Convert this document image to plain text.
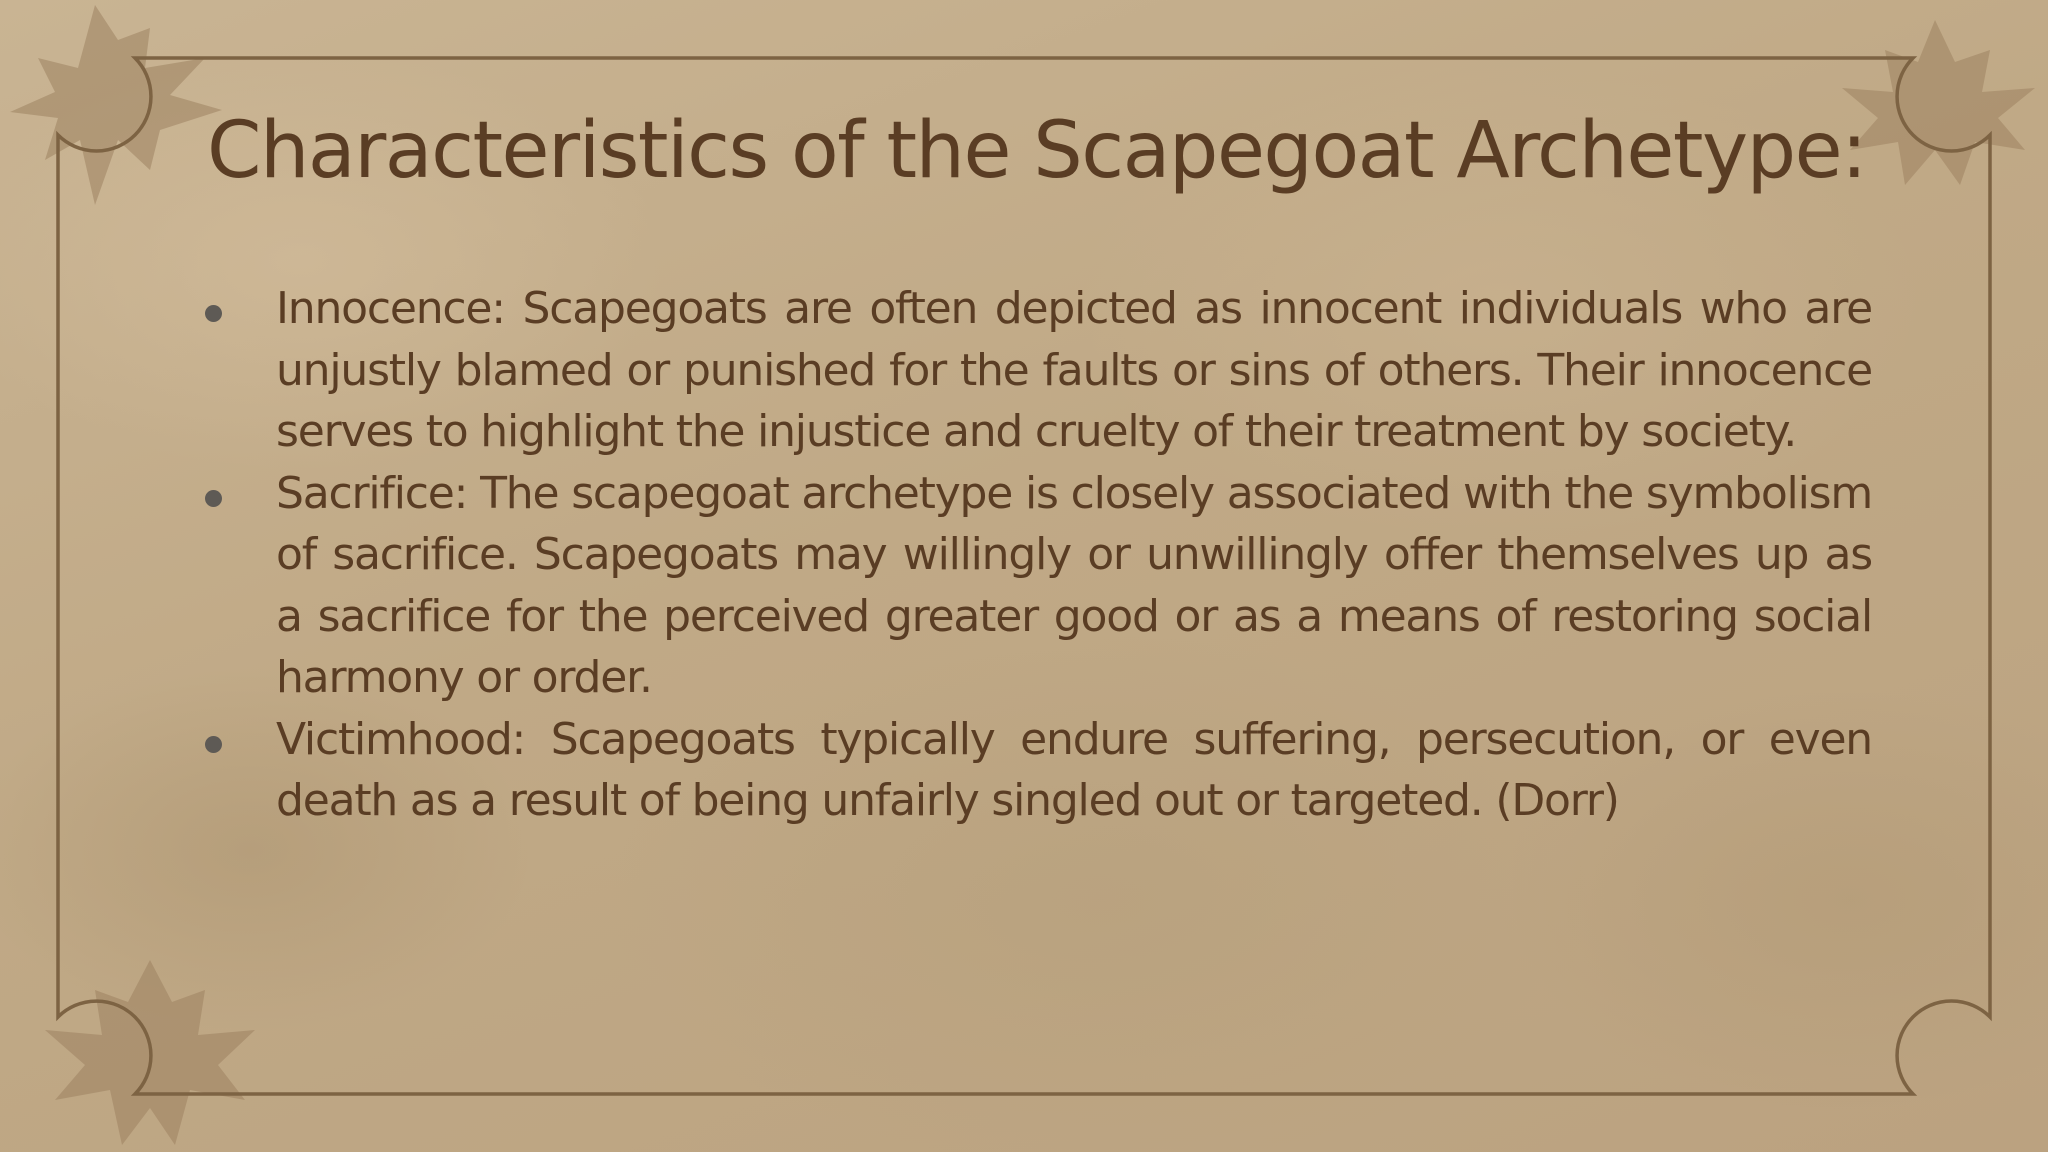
Characteristics of the Scapegoat Archetype:
Innocence: Scapegoats are often depicted as innocent individuals who are unjustly blamed or punished for the faults or sins of others. Their innocence serves to highlight the injustice and cruelty of their treatment by society.
Sacrifice: The scapegoat archetype is closely associated with the symbolism of sacrifice. Scapegoats may willingly or unwillingly offer themselves up as a sacrifice for the perceived greater good or as a means of restoring social harmony or order.
Victimhood: Scapegoats typically endure suffering, persecution, or even death as a result of being unfairly singled out or targeted. (Dorr)
